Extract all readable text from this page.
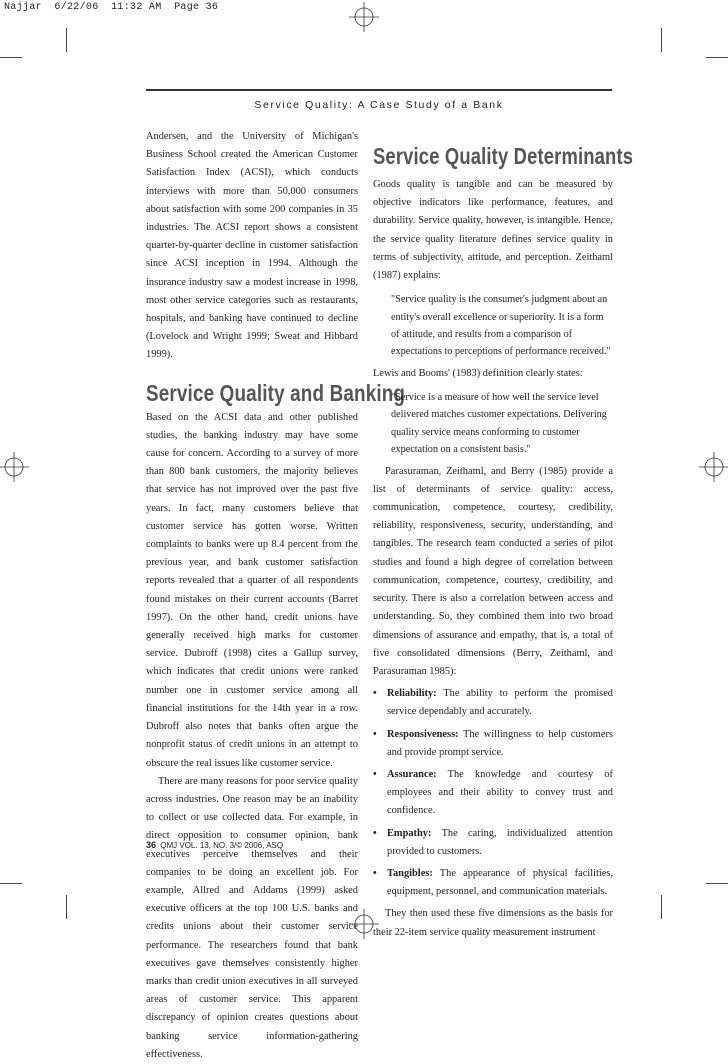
Najjar  6/22/06  11:32 AM  Page 36
Service Quality: A Case Study of a Bank

Andersen, and the University of Michigan's Business School created the American Customer Satisfaction Index (ACSI), which conducts interviews with more than 50,000 consumers about satisfaction with some 200 companies in 35 industries. The ACSI report shows a consistent quarter-by-quarter decline in customer satisfaction since ACSI inception in 1994. Although the insurance industry saw a modest increase in 1998, most other service categories such as restaurants, hospitals, and banking have continued to decline (Lovelock and Wright 1999; Sweat and Hibbard 1999).

Service Quality and Banking

Based on the ACSI data and other published studies, the banking industry may have some cause for concern. According to a survey of more than 800 bank customers, the majority believes that service has not improved over the past five years. In fact, many customers believe that customer service has gotten worse. Written complaints to banks were up 8.4 percent from the previous year, and bank customer satisfaction reports revealed that a quarter of all respondents found mistakes on their current accounts (Barret 1997). On the other hand, credit unions have generally received high marks for customer service. Dubroff (1998) cites a Gallup survey, which indicates that credit unions were ranked number one in customer service among all financial institutions for the 14th year in a row. Dubroff also notes that banks often argue the nonprofit status of credit unions in an attempt to obscure the real issues like customer service.

There are many reasons for poor service quality across industries. One reason may be an inability to collect or use collected data. For example, in direct opposition to consumer opinion, bank executives perceive themselves and their companies to be doing an excellent job. For example, Allred and Addams (1999) asked executive officers at the top 100 U.S. banks and credits unions about their customer service performance. The researchers found that bank executives gave themselves consistently higher marks than credit union executives in all surveyed areas of customer service. This apparent discrepancy of opinion creates questions about banking service information-gathering effectiveness.

Service Quality Determinants

Goods quality is tangible and can be measured by objective indicators like performance, features, and durability. Service quality, however, is intangible. Hence, the service quality literature defines service quality in terms of subjectivity, attitude, and perception. Zeithaml (1987) explains:

"Service quality is the consumer's judgment about an entity's overall excellence or superiority. It is a form of attitude, and results from a comparison of expectations to perceptions of performance received."

Lewis and Booms' (1983) definition clearly states:

"Service is a measure of how well the service level delivered matches customer expectations. Delivering quality service means conforming to customer expectation on a consistent basis."

Parasuraman, Zeithaml, and Berry (1985) provide a list of determinants of service quality: access, communication, competence, courtesy, credibility, reliability, responsiveness, security, understanding, and tangibles. The research team conducted a series of pilot studies and found a high degree of correlation between communication, competence, courtesy, credibility, and security. There is also a correlation between access and understanding. So, they combined them into two broad dimensions of assurance and empathy, that is, a total of five consolidated dimensions (Berry, Zeithaml, and Parasuraman 1985):

• Reliability: The ability to perform the promised service dependably and accurately.
• Responsiveness: The willingness to help customers and provide prompt service.
• Assurance: The knowledge and courtesy of employees and their ability to convey trust and confidence.
• Empathy: The caring, individualized attention provided to customers.
• Tangibles: The appearance of physical facilities, equipment, personnel, and communication materials.

They then used these five dimensions as the basis for their 22-item service quality measurement instrument

36 QMJ VOL. 13, NO. 3/© 2006, ASQ
